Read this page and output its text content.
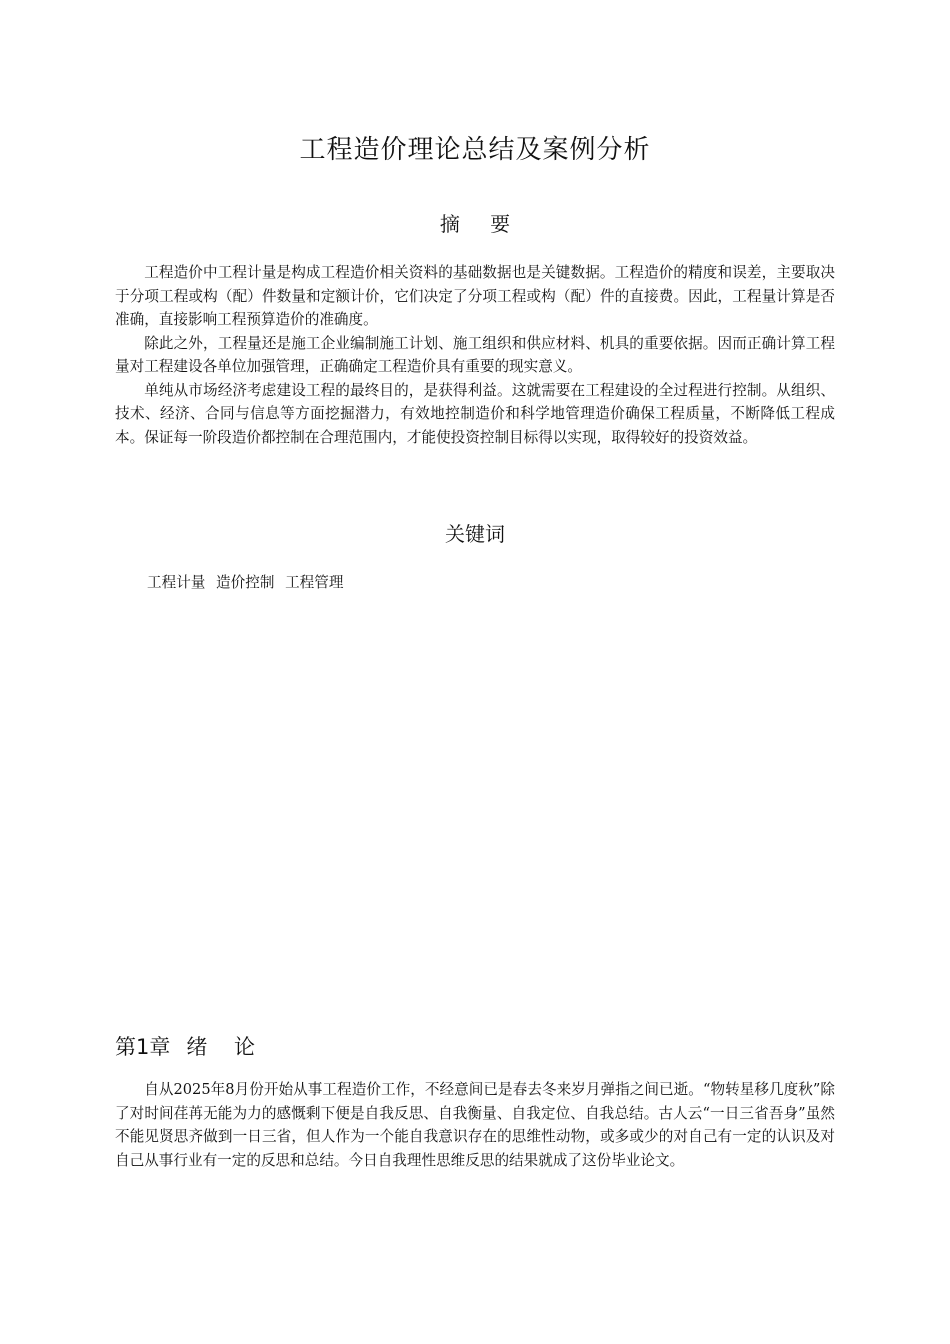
工程造价理论总结及案例分析
摘 要

工程造价中工程计量是构成工程造价相关资料的基础数据也是关键数据。工程造价的精度和误差，主要取决于分项工程或构（配）件数量和定额计价，它们决定了分项工程或构（配）件的直接费。因此，工程量计算是否准确，直接影响工程预算造价的准确度。

除此之外，工程量还是施工企业编制施工计划、施工组织和供应材料、机具的重要依据。因而正确计算工程量对工程建设各单位加强管理，正确确定工程造价具有重要的现实意义。

单纯从市场经济考虑建设工程的最终目的，是获得利益。这就需要在工程建设的全过程进行控制。从组织、技术、经济、合同与信息等方面挖掘潜力，有效地控制造价和科学地管理造价确保工程质量，不断降低工程成本。保证每一阶段造价都控制在合理范围内，才能使投资控制目标得以实现，取得较好的投资效益。

关键词
工程计量 造价控制 工程管理
第1章 绪 论

自从2025年8月份开始从事工程造价工作，不经意间已是春去冬来岁月弹指之间已逝。“物转星移几度秋”除了对时间荏苒无能为力的感慨剩下便是自我反思、自我衡量、自我定位、自我总结。古人云“一日三省吾身”虽然不能见贤思齐做到一日三省，但人作为一个能自我意识存在的思维性动物，或多或少的对自己有一定的认识及对自己从事行业有一定的反思和总结。今日自我理性思维反思的结果就成了这份毕业论文。
